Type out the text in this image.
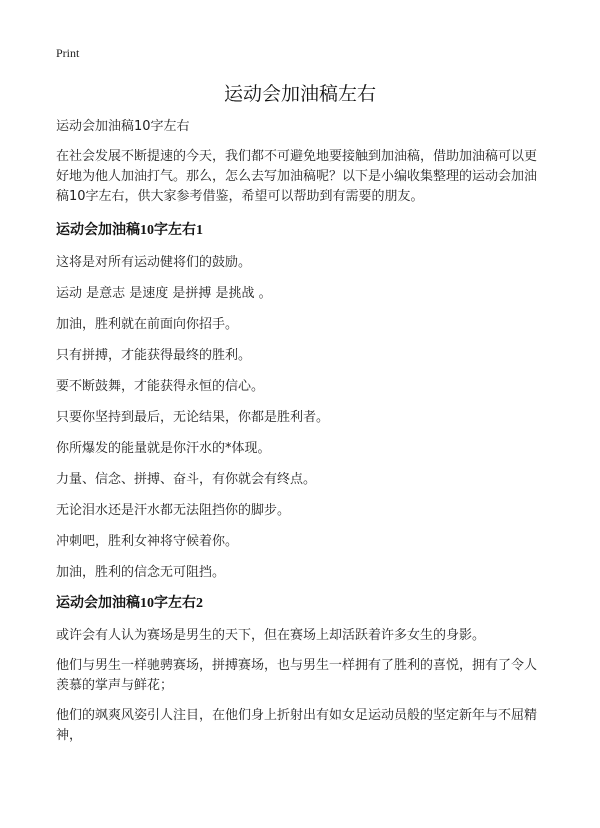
Print
运动会加油稿左右

运动会加油稿10字左右

在社会发展不断提速的今天，我们都不可避免地要接触到加油稿，借助加油稿可以更好地为他人加油打气。那么，怎么去写加油稿呢？以下是小编收集整理的运动会加油稿10字左右，供大家参考借鉴，希望可以帮助到有需要的朋友。

运动会加油稿10字左右1

这将是对所有运动健将们的鼓励。

运动 是意志 是速度 是拼搏 是挑战 。

加油，胜利就在前面向你招手。

只有拼搏，才能获得最终的胜利。

要不断鼓舞，才能获得永恒的信心。

只要你坚持到最后，无论结果，你都是胜利者。

你所爆发的能量就是你汗水的*体现。

力量、信念、拼搏、奋斗，有你就会有终点。

无论泪水还是汗水都无法阻挡你的脚步。

冲刺吧，胜利女神将守候着你。

加油，胜利的信念无可阻挡。

运动会加油稿10字左右2

或许会有人认为赛场是男生的天下，但在赛场上却活跃着许多女生的身影。

他们与男生一样驰骋赛场，拼搏赛场，也与男生一样拥有了胜利的喜悦，拥有了令人羡慕的掌声与鲜花；

他们的飒爽风姿引人注目，在他们身上折射出有如女足运动员般的坚定新年与不屈精神，
